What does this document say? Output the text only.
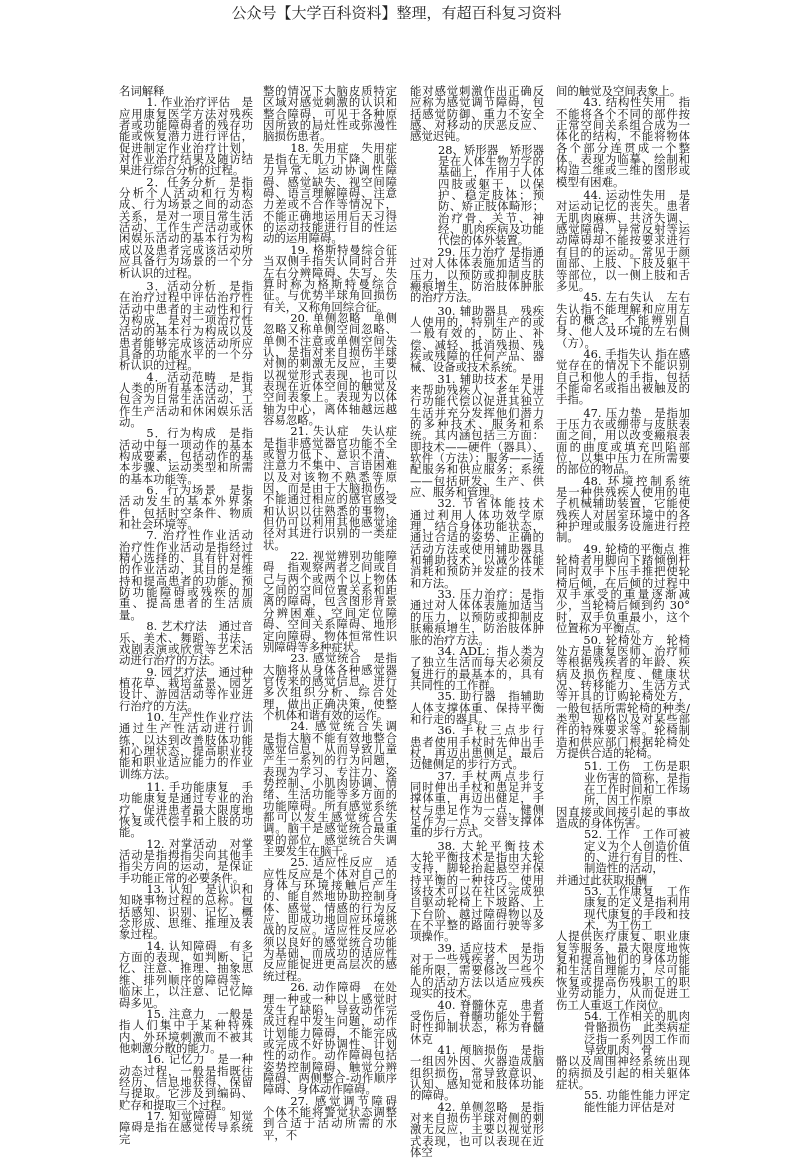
公众号【大学百科资料】整理，有超百科复习资料

名词解释

1. 作业治疗评估　是应用康复医学方法对残疾者或功能障碍者的残存功能或恢复潜力进行评估，促进制定作业治疗计划，对作业治疗结果及随访结果进行综合分析的过程。

2．任务分析　是指分析个人活动和行为构成、行为场景之间的动态关系，是对一项日常生活活动、工作生产活动或休闲娱乐活动的基本行为构成以及患者完成该活动所应具备行为场景的一个分析认识的过程。

3．活动分析　是指在治疗过程中评估治疗性活动中患者的主动性和行为构成，是对一项治疗性活动的基本行为构成以及患者能够完成该活动所应具备的功能水平的一个分析认识的过程。

4．活动范畴　是指人类的所有基本活动，其包含为日常生活活动、工作生产活动和休闲娱乐活动。

5．行为构成　是指活动中每一项动作的基本构成要素，包括动作的基本步骤、运动类型和所需的基本功能等。

6．行为场景　是指活动发生的基本外界条件，包括时空条件、物质和社会环境等。

7. 治疗性作业活动 治疗性作业活动是指经过精心选择的、具有针对性的作业活动，其目的是维持和提高患者的功能、预防功能障碍或残疾的加重、提高患者的生活质量。

8. 艺术疗法　通过音乐、美术、舞蹈、书法、戏剧表演或欣赏等艺术活动进行治疗的方法。

9. 园艺疗法　通过种植花草、栽培盆景、园艺设计、游园活动等作业进行治疗的方法。

10. 生产性作业疗法　通过生产性活动进行训练，以达到改善肢体功能和心理状态，提高职业技能和职业适应能力的作业训练方法。

11. 手功能康复　手功能康复是通过专业的治疗，促进患者最大限度地恢复或代偿手和上肢的功能。

12. 对掌活动　对掌活动是指拇指尖向其他手指尖方向的运动，是保证手功能正常的必要条件。

13. 认知　是认识和知晓事物过程的总称。包括感知、识别、记忆、概念形成、思维、推理及表象过程。

14. 认知障碍　有多方面的表现，如判断、记忆、注意、推理、抽象思维、排列顺序的障碍等，临床上，以注意、记忆障碍多见。

15. 注意力　一般是指人们集中于某种特殊内、外环境刺激而不被其他刺激分散的能力。

16. 记忆力　是一种动态过程，一般是指既往经历、信息地获得、保留与提取。它涉及到编码、贮存和提取三个过程。

17. 知觉障碍　知觉障碍是指在感觉传导系统完

整的情况下大脑皮质特定区域对感觉刺激的认识和整合障碍，可见于各种原因所致的局灶性或弥漫性脑损伤患者。

18. 失用症　失用症是指在无肌力下降、肌张力异常、运动协调性障碍、感觉缺失、视空间障碍、语言理解障碍、注意力差或不合作等情况下，不能正确地运用后天习得的运动技能进行目的性运动的运用障碍。

19. 格斯特曼综合征　当双侧手指失认同时合并左右分辨障碍、失写、失算时称为格斯特曼综合征。与优势半球角回损伤有关，又称角回综合征。

20. 单侧忽略　单侧忽略又称单侧空间忽略、单侧不注意或单侧空间失认，是指对来自损伤半球对侧的刺激无反应，主要以视觉形式表现，也可以表现在近体空间的触觉及空间表象上。表现为以体轴为中心，离体轴越远越容易忽略。

21. 失认症　失认症是指非感觉器官功能不全或智力低下、意识不清、注意力不集中、言语困难以及对该物不熟悉等原因，而是由于大脑损伤，不能通过相应的感官感受和认识以往熟悉的事物，但仍可以利用其他感觉途径对其进行识别的一类症状。

22. 视觉辨别功能障碍　指观察两者之间或自己与两个或两个以上物体之间的空间位置关系和距离的障碍，包含图形背景分辨困难、空间定位障碍、空间关系障碍、地形定向障碍、物体恒常性识别障碍等多种症状。

23. 感觉统合　是指大脑将从身体各种感觉器官传来的感觉信息，进行多次组织分析、综合处理，做出正确决策，使整个机体和谐有效的运作。

24. 感觉统合失调　是指大脑不能有效地整合感觉信息，从而导致儿童产生一系列的行为问题，表现为学习、专注力、姿势控制、小肌肉协调、情绪、生活功能等多方面的功能障碍。所有感觉系统都可以发生感觉统合失调。脑干是感觉统合最重要的部位，感觉统合失调主要发生在脑干。

25. 适应性反应　适应性反应是个体对自己的身体与环境接触后产生的、能自然地协助控制身体、感觉、情感的行为反应，即成功地回应环境挑战的反应。适应性反应必须以良好的感觉统合功能为基础，而成功的适应性反应能促进更高层次的感统过程。

26. 动作障碍　在处理一种或一种以上感觉时发生了缺陷，导致动作完成过程中发生问题，动作计划能力障碍，不能完成或完成不好协调性、计划性的动作。动作障碍包括姿势控制障碍、触觉分辨障碍、两侧整合-动作顺序障碍、身体动作障碍。

27. 感觉调节障碍　个体不能将警觉状态调整到合适于活动所需的水平，不

能对感觉刺激作出正确反应称为感觉调节障碍，包括感觉防御、重力不安全感、对移动的厌恶反应、感觉迟钝。

28、矫形器　矫形器是在人体生物力学的基础上，作用于人体四肢或躯干，以保护、稳定肢体；预防、矫正肢体畸形；治疗骨、关节、神经、肌肉疾病及功能代偿的体外装置。

29. 压力治疗 是指通过对人体体表施加适当的压力，以预防或抑制皮肤瘢痕增生，防治肢体肿胀的治疗方法。

30. 辅助器具　残疾人使用的，特别生产的或一般有效的，防止、补偿、减轻、抵消残损、残疾或残障的任何产品、器械、设备或技术系统。

31. 辅助技术　是用来帮助残疾人、老年人进行功能代偿以促进其独立生活并充分发挥他们潜力的多种技术、服务和系统。其内涵包括三方面：即技术——硬件（器具）、软件（方法）；服务——适配服务和供应服务；系统——包括研发、生产、供应、服务和管理。

32. 节省体能技术　通过利用人体功效学原理，结合身体功能状态，通过合适的姿势、正确的活动方法或使用辅助器具和辅助技术，以减少体能消耗和预防并发症的技术和方法。

33. 压力治疗：是指通过对人体体表施加适当的压力，以预防或抑制皮肤瘢痕增生，防治肢体肿胀的治疗方法。

34. ADL：指人类为了独立生活而每天必须反复进行的最基本的，具有共同性的工作群。

35. 助行器　指辅助人体支撑体重、保持平衡和行走的器具。

36. 手杖三点步行　患者使用手杖时先伸出手杖，再迈出患侧足，最后迈健侧足的步行方式。

37. 手杖两点步行　同时伸出手杖和患足并支撑体重，再迈出健足，手杖与患足作为一点，健侧足作为一点，交替支撑体重的步行方式。

38. 大轮平衡技术　大轮平衡技术是指由大轮支持，脚轮抬起悬空并保持平衡的一种技巧。使用该技术可以在社区完成独自驱动轮椅上下坡路、上下台阶、越过障碍物以及在不平整的路面行驶等多项操作。

39. 适应技术　是指对于一些残疾者，因为功能所限，需要修改一些个人的活动方法以适应残疾现实的技术。

40. 脊髓休克　患者受伤后，脊髓功能处于暂 时性抑制状态，称为脊髓休克

41. 颅脑损伤　是指一组因外因、火器造成脑组织损伤，常导致意识、认知、感知觉和肢体功能的障碍。

42. 单侧忽略　是指对来自损伤半球对侧的刺激无反应，主要以视觉形式表现，也可以表现在近体空

间的触觉及空间表象上。

43. 结构性失用　指不能将各个不同的部件按正常空间关系组合成为一体化的结构，不能将物体各个部分连贯成一个整体。表现为临摹、绘制和构造二维或三维的图形或模型有困难。

44. 运动性失用　是对运动记忆的丧失。患者无肌肉麻痹、共济失调、感觉障碍、异常反射等运动障碍却不能按要求进行有目的的运动。常见于颜面部、上肢、下肢及躯干等部位，以一侧上肢和舌多见。

45. 左右失认　左右失认指不能理解和应用左右的概念，不能辨别自身、他人及环境的左右侧（方）。

46. 手指失认 指在感觉存在的情况下不能识别自己和他人的手指，包括不能命名或指出被触及的手指。

47. 压力垫　是指加于压力衣或绷带与皮肤表面之间，用以改变瘢痕表面的曲度或填充凹陷部位，以集中压力在所需要的部位的物品。

48. 环境控制系统　是一种供残疾人使用的电子机械辅助装置，它能使残疾人对居室环境中的各种护理或服务设施进行控制。

49. 轮椅的平衡点 推轮椅者用脚向下踏倾倒杆同时双手下压手推把使轮椅后倾，在后倾的过程中双手承受的重量逐渐减少，当轮椅后倾到约 30° 时，双手负重最小，这个位置称为平衡点。

50. 轮椅处方　轮椅处方是康复医师、治疗师等根据残疾者的年龄、疾病及损伤程度、健康状况、转移能力、生活方式等开具的订购轮椅处方，一般包括所需轮椅的种类/类型、规格以及对某些部件的特殊要求等。轮椅制造和供应部门根据轮椅处方提供合适的轮椅。

51. 工伤　工伤是职业伤害的简称，是指在工作时间和工作场所，因工作原

因直接或间接引起的事故造成的身体伤害。

52. 工作　工作可被定义为个人创造价值的、进行有目的性、制造性的活动，

并通过此获取报酬

53. 工作康复　工作康复的定义是指利用现代康复的手段和技术，为工伤工

人提供医疗康复、职业康复等服务，最大限度地恢复和提高他们的身体功能和生活自理能力，尽可能恢复或提高伤残职工的职业劳动能力，从而促进工伤工人重返工作岗位。

54. 工作相关的肌肉骨骼损伤　此类病症泛指一系列因工作而导致肌肉、骨

骼以及周围神经系统出现的病损及引起的相关躯体症状。

55. 功能性能力评定　能性能力评估是对
